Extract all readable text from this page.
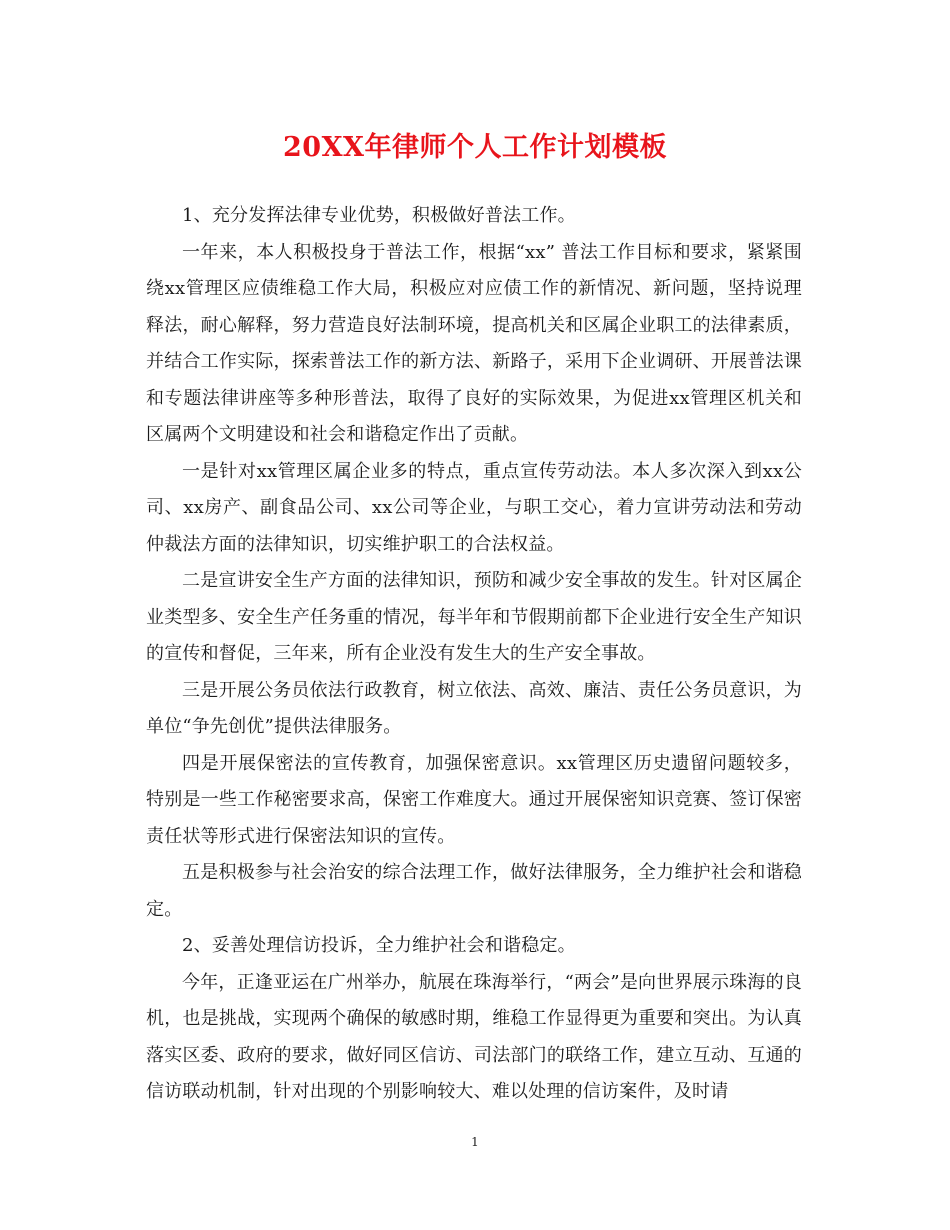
20XX年律师个人工作计划模板

1、充分发挥法律专业优势，积极做好普法工作。

一年来，本人积极投身于普法工作，根据“xx” 普法工作目标和要求，紧紧围绕xx管理区应债维稳工作大局，积极应对应债工作的新情况、新问题，坚持说理释法，耐心解释，努力营造良好法制环境，提高机关和区属企业职工的法律素质，并结合工作实际，探索普法工作的新方法、新路子，采用下企业调研、开展普法课和专题法律讲座等多种形普法，取得了良好的实际效果，为促进xx管理区机关和区属两个文明建设和社会和谐稳定作出了贡献。

一是针对xx管理区属企业多的特点，重点宣传劳动法。本人多次深入到xx公司、xx房产、副食品公司、xx公司等企业，与职工交心，着力宣讲劳动法和劳动仲裁法方面的法律知识，切实维护职工的合法权益。

二是宣讲安全生产方面的法律知识，预防和减少安全事故的发生。针对区属企业类型多、安全生产任务重的情况，每半年和节假期前都下企业进行安全生产知识的宣传和督促，三年来，所有企业没有发生大的生产安全事故。

三是开展公务员依法行政教育，树立依法、高效、廉洁、责任公务员意识，为单位“争先创优”提供法律服务。

四是开展保密法的宣传教育，加强保密意识。xx管理区历史遗留问题较多，特别是一些工作秘密要求高，保密工作难度大。通过开展保密知识竞赛、签订保密责任状等形式进行保密法知识的宣传。

五是积极参与社会治安的综合法理工作，做好法律服务，全力维护社会和谐稳定。

2、妥善处理信访投诉，全力维护社会和谐稳定。

今年，正逢亚运在广州举办，航展在珠海举行，“两会”是向世界展示珠海的良机，也是挑战，实现两个确保的敏感时期，维稳工作显得更为重要和突出。为认真落实区委、政府的要求，做好同区信访、司法部门的联络工作，建立互动、互通的信访联动机制，针对出现的个别影响较大、难以处理的信访案件，及时请

1
